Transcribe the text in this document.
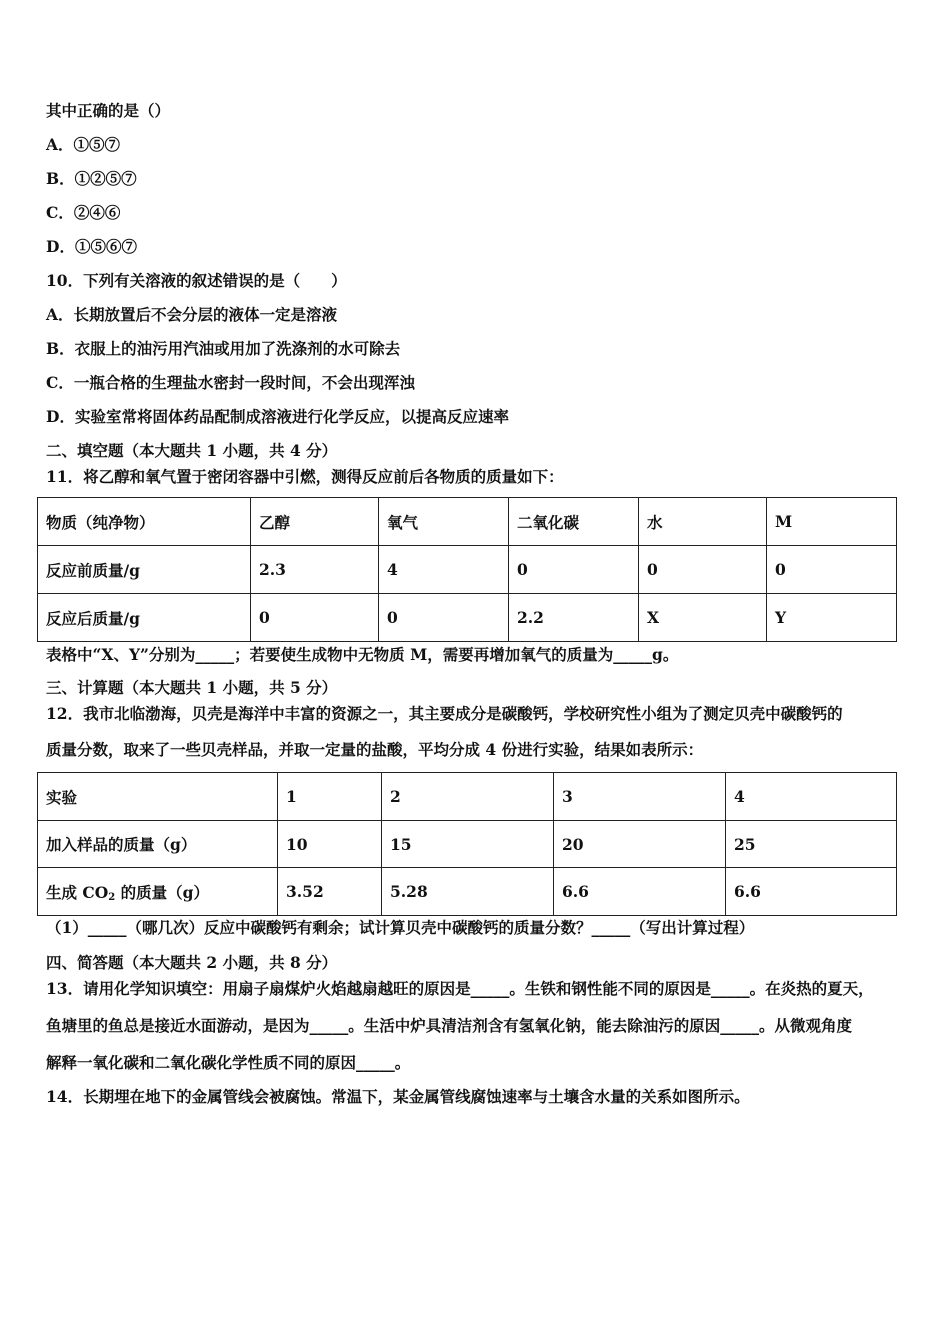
其中正确的是（）
A．①⑤⑦
B．①②⑤⑦
C．②④⑥
D．①⑤⑥⑦
10．下列有关溶液的叙述错误的是（　　）
A．长期放置后不会分层的液体一定是溶液
B．衣服上的油污用汽油或用加了洗涤剂的水可除去
C．一瓶合格的生理盐水密封一段时间，不会出现浑浊
D．实验室常将固体药品配制成溶液进行化学反应，以提高反应速率
二、填空题（本大题共 1 小题，共 4 分）
11．将乙醇和氧气置于密闭容器中引燃，测得反应前后各物质的质量如下：
物质（纯净物）	乙醇	氧气	二氧化碳	水	M
反应前质量/g	2.3	4	0	0	0
反应后质量/g	0	0	2.2	X	Y
表格中“X、Y”分别为_____；若要使生成物中无物质 M，需要再增加氧气的质量为_____g。
三、计算题（本大题共 1 小题，共 5 分）
12．我市北临渤海，贝壳是海洋中丰富的资源之一，其主要成分是碳酸钙，学校研究性小组为了测定贝壳中碳酸钙的
质量分数，取来了一些贝壳样品，并取一定量的盐酸，平均分成 4 份进行实验，结果如表所示：
实验	1	2	3	4
加入样品的质量（g）	10	15	20	25
生成 $CO_2$ 的质量（g）	3.52	5.28	6.6	6.6
（1）_____（哪几次）反应中碳酸钙有剩余；试计算贝壳中碳酸钙的质量分数？_____（写出计算过程）
四、简答题（本大题共 2 小题，共 8 分）
13．请用化学知识填空：用扇子扇煤炉火焰越扇越旺的原因是_____。生铁和钢性能不同的原因是_____。在炎热的夏天，
鱼塘里的鱼总是接近水面游动，是因为_____。生活中炉具清洁剂含有氢氧化钠，能去除油污的原因_____。从微观角度
解释一氧化碳和二氧化碳化学性质不同的原因_____。
14．长期埋在地下的金属管线会被腐蚀。常温下，某金属管线腐蚀速率与土壤含水量的关系如图所示。
